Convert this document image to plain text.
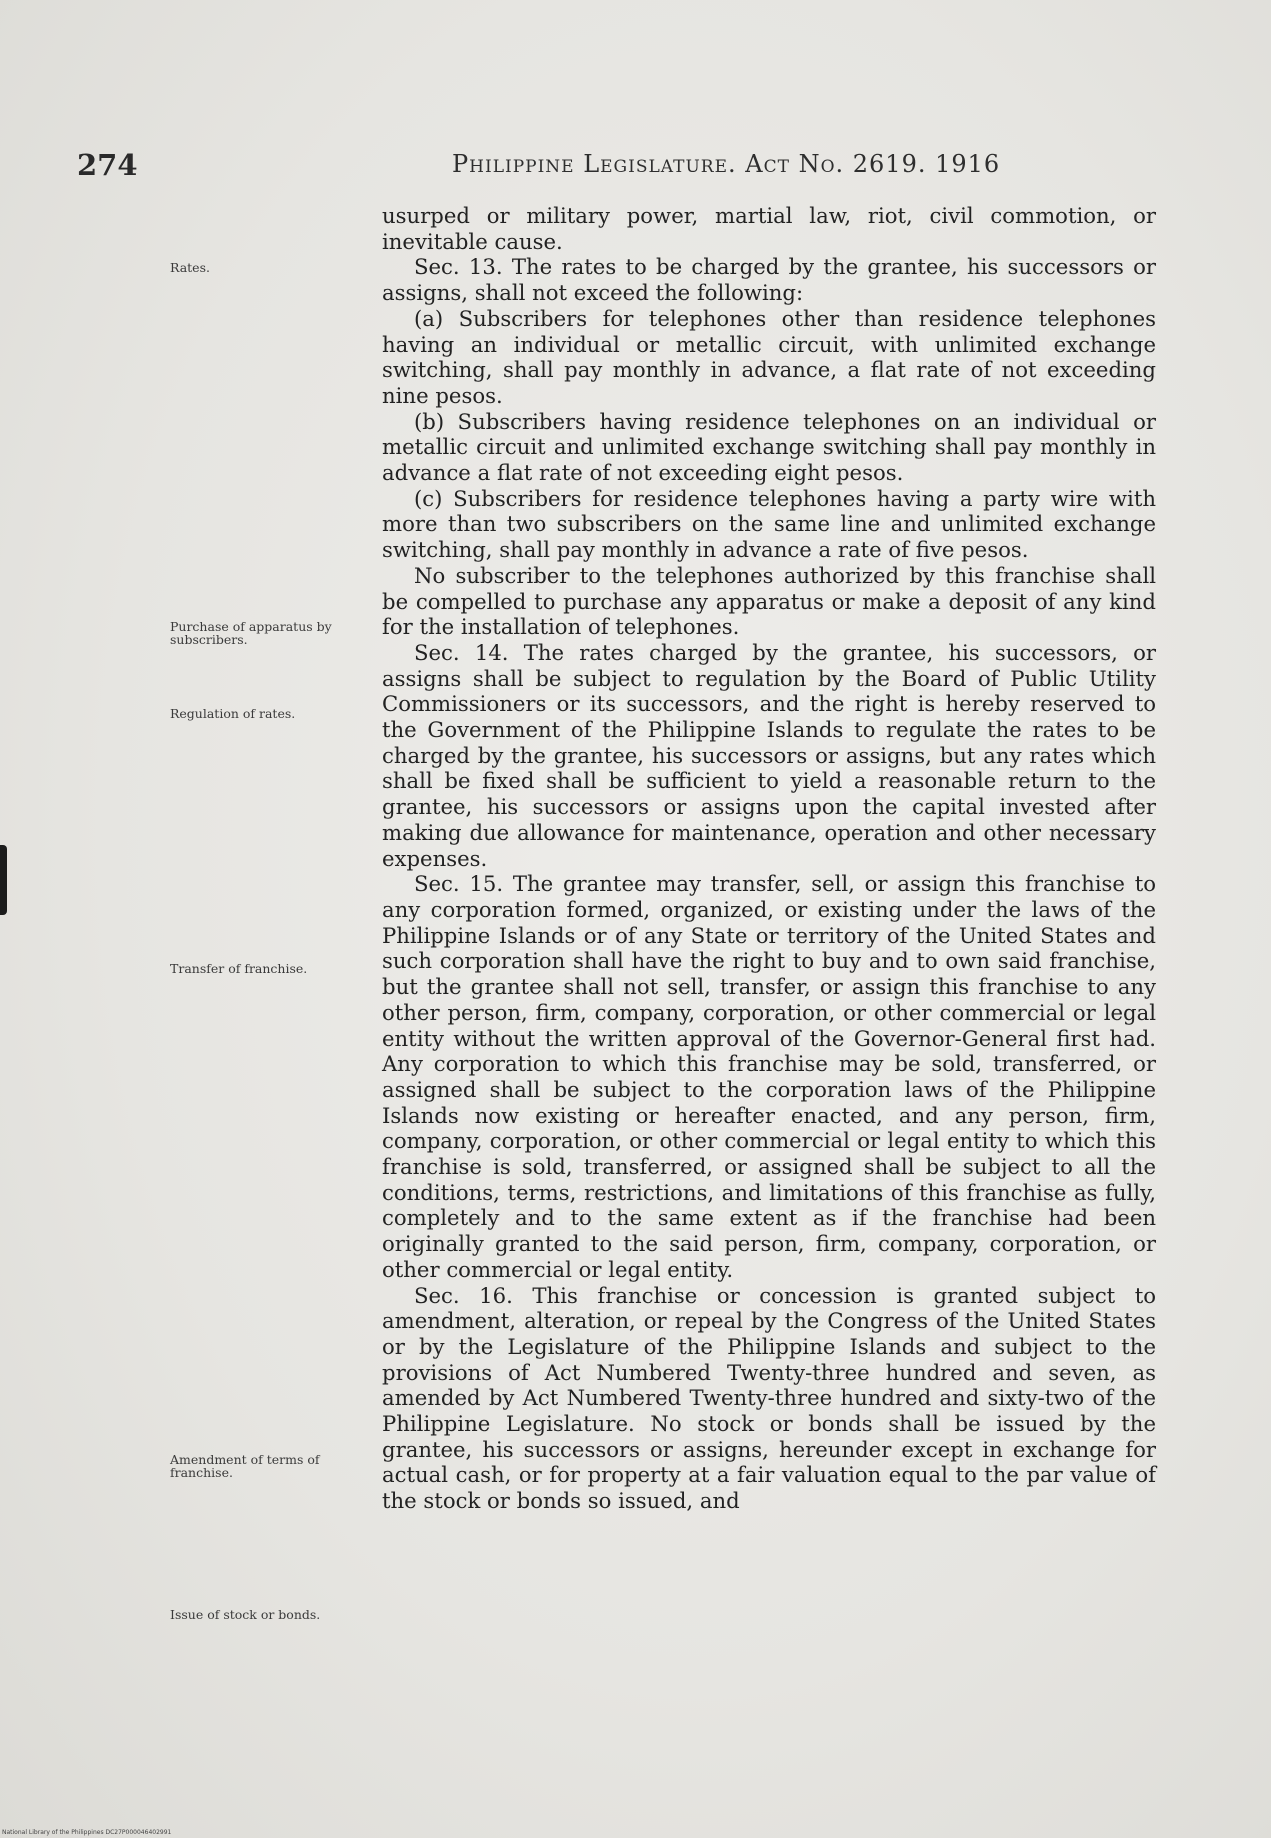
274	Philippine Legislature. Act No. 2619. 1916
Rates.
Purchase of apparatus by subscribers.
Regulation of rates.
Transfer of franchise.
Amendment of terms of franchise.
Issue of stock or bonds.

usurped or military power, martial law, riot, civil commotion, or inevitable cause.

Sec. 13. The rates to be charged by the grantee, his successors or assigns, shall not exceed the following:

(a) Subscribers for telephones other than residence telephones having an individual or metallic circuit, with unlimited exchange switching, shall pay monthly in advance, a flat rate of not exceeding nine pesos.

(b) Subscribers having residence telephones on an individual or metallic circuit and unlimited exchange switching shall pay monthly in advance a flat rate of not exceeding eight pesos.

(c) Subscribers for residence telephones having a party wire with more than two subscribers on the same line and unlimited exchange switching, shall pay monthly in advance a rate of five pesos.

No subscriber to the telephones authorized by this franchise shall be compelled to purchase any apparatus or make a deposit of any kind for the installation of telephones.

Sec. 14. The rates charged by the grantee, his successors, or assigns shall be subject to regulation by the Board of Public Utility Commissioners or its successors, and the right is hereby reserved to the Government of the Philippine Islands to regulate the rates to be charged by the grantee, his successors or assigns, but any rates which shall be fixed shall be sufficient to yield a reasonable return to the grantee, his successors or assigns upon the capital invested after making due allowance for maintenance, operation and other necessary expenses.

Sec. 15. The grantee may transfer, sell, or assign this franchise to any corporation formed, organized, or existing under the laws of the Philippine Islands or of any State or territory of the United States and such corporation shall have the right to buy and to own said franchise, but the grantee shall not sell, transfer, or assign this franchise to any other person, firm, company, corporation, or other commercial or legal entity without the written approval of the Governor-General first had. Any corporation to which this franchise may be sold, transferred, or assigned shall be subject to the corporation laws of the Philippine Islands now existing or hereafter enacted, and any person, firm, company, corporation, or other commercial or legal entity to which this franchise is sold, transferred, or assigned shall be subject to all the conditions, terms, restrictions, and limitations of this franchise as fully, completely and to the same extent as if the franchise had been originally granted to the said person, firm, company, corporation, or other commercial or legal entity.

Sec. 16. This franchise or concession is granted subject to amendment, alteration, or repeal by the Congress of the United States or by the Legislature of the Philippine Islands and subject to the provisions of Act Numbered Twenty-three hundred and seven, as amended by Act Numbered Twenty-three hundred and sixty-two of the Philippine Legislature. No stock or bonds shall be issued by the grantee, his successors or assigns, hereunder except in exchange for actual cash, or for property at a fair valuation equal to the par value of the stock or bonds so issued, and

National Library of the Philippines DC27P000046402991
